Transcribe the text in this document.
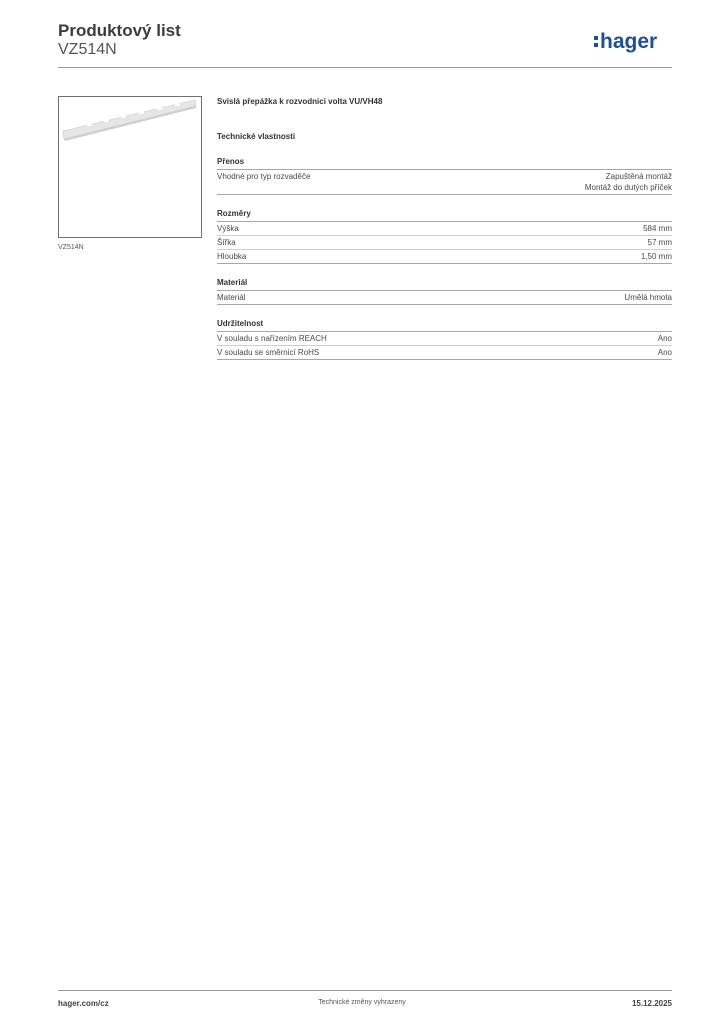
Produktový list
VZ514N	hager
VZ514N
Svislá přepážka k rozvodnici volta VU/VH48
Technické vlastnosti
Přenos
Vhodné pro typ rozvaděče	Zapuštěná montáž
Montáž do dutých příček
Rozměry
Výška	584 mm
Šířka	57 mm
Hloubka	1,50 mm
Materiál
Materiál	Umělá hmota
Udržitelnost
V souladu s nařízením REACH	Ano
V souladu se směrnicí RoHS	Ano
hager.com/cz	Technické změny vyhrazeny	15.12.2025
